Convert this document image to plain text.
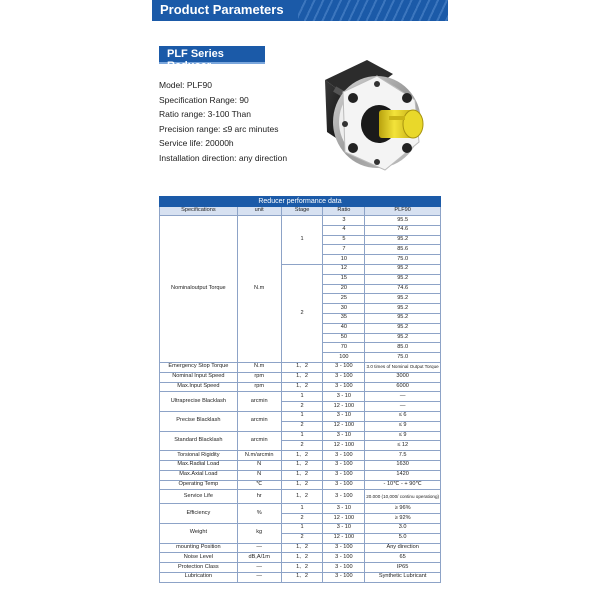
Product Parameters
PLF Series Reducer
Model: PLF90
Specification Range: 90
Ratio range: 3-100 Than
Precision range: ≤9 arc minutes
Service life: 20000h
Installation direction: any direction
Reducer performance data				
Specifications	unit	Stage	Ratio	PLF90
Nominaloutput Torque	N.m	1	3	95.5
			4	74.6
			5	95.2
			7	85.6
			10	75.0
		2	12	95.2
			15	95.2
			20	74.6
			25	95.2
			30	95.2
			35	95.2
			40	95.2
			50	95.2
			70	85.0
			100	75.0
Emergency Stop Torque	N.m	1、2	3 - 100	3.0 times of Nominal Output Torque
Nominal Input Speed	rpm	1、2	3 - 100	3000
Max.Input Speed	rpm	1、2	3 - 100	6000
Ultraprecise Blacklash	arcmin	1	3 - 10	—
		2	12 - 100	—
Precise Blacklash	arcmin	1	3 - 10	≤ 6
		2	12 - 100	≤ 9
Standard Blacklash	arcmin	1	3 - 10	≤ 9
		2	12 - 100	≤ 12
Torsional Rigidity	N.m/arcmin	1、2	3 - 100	7.5
Max.Radial Load	N	1、2	3 - 100	1630
Max.Axial Load	N	1、2	3 - 100	1420
Operating Temp	℃	1、2	3 - 100	- 10℃ - + 90℃
Service Life	hr	1、2	3 - 100	20.000 (10,000/ continu operationg)
Efficiency	%	1	3 - 10	≥ 96%
		2	12 - 100	≥ 92%
Weight	kg	1	3 - 10	3.0
		2	12 - 100	5.0
mounting Position	—	1、2	3 - 100	Any direction
Noise Level	dB,A/1m	1、2	3 - 100	65
Protection Class	—	1、2	3 - 100	IP65
Lubrication	—	1、2	3 - 100	Synthetic Lubricant
